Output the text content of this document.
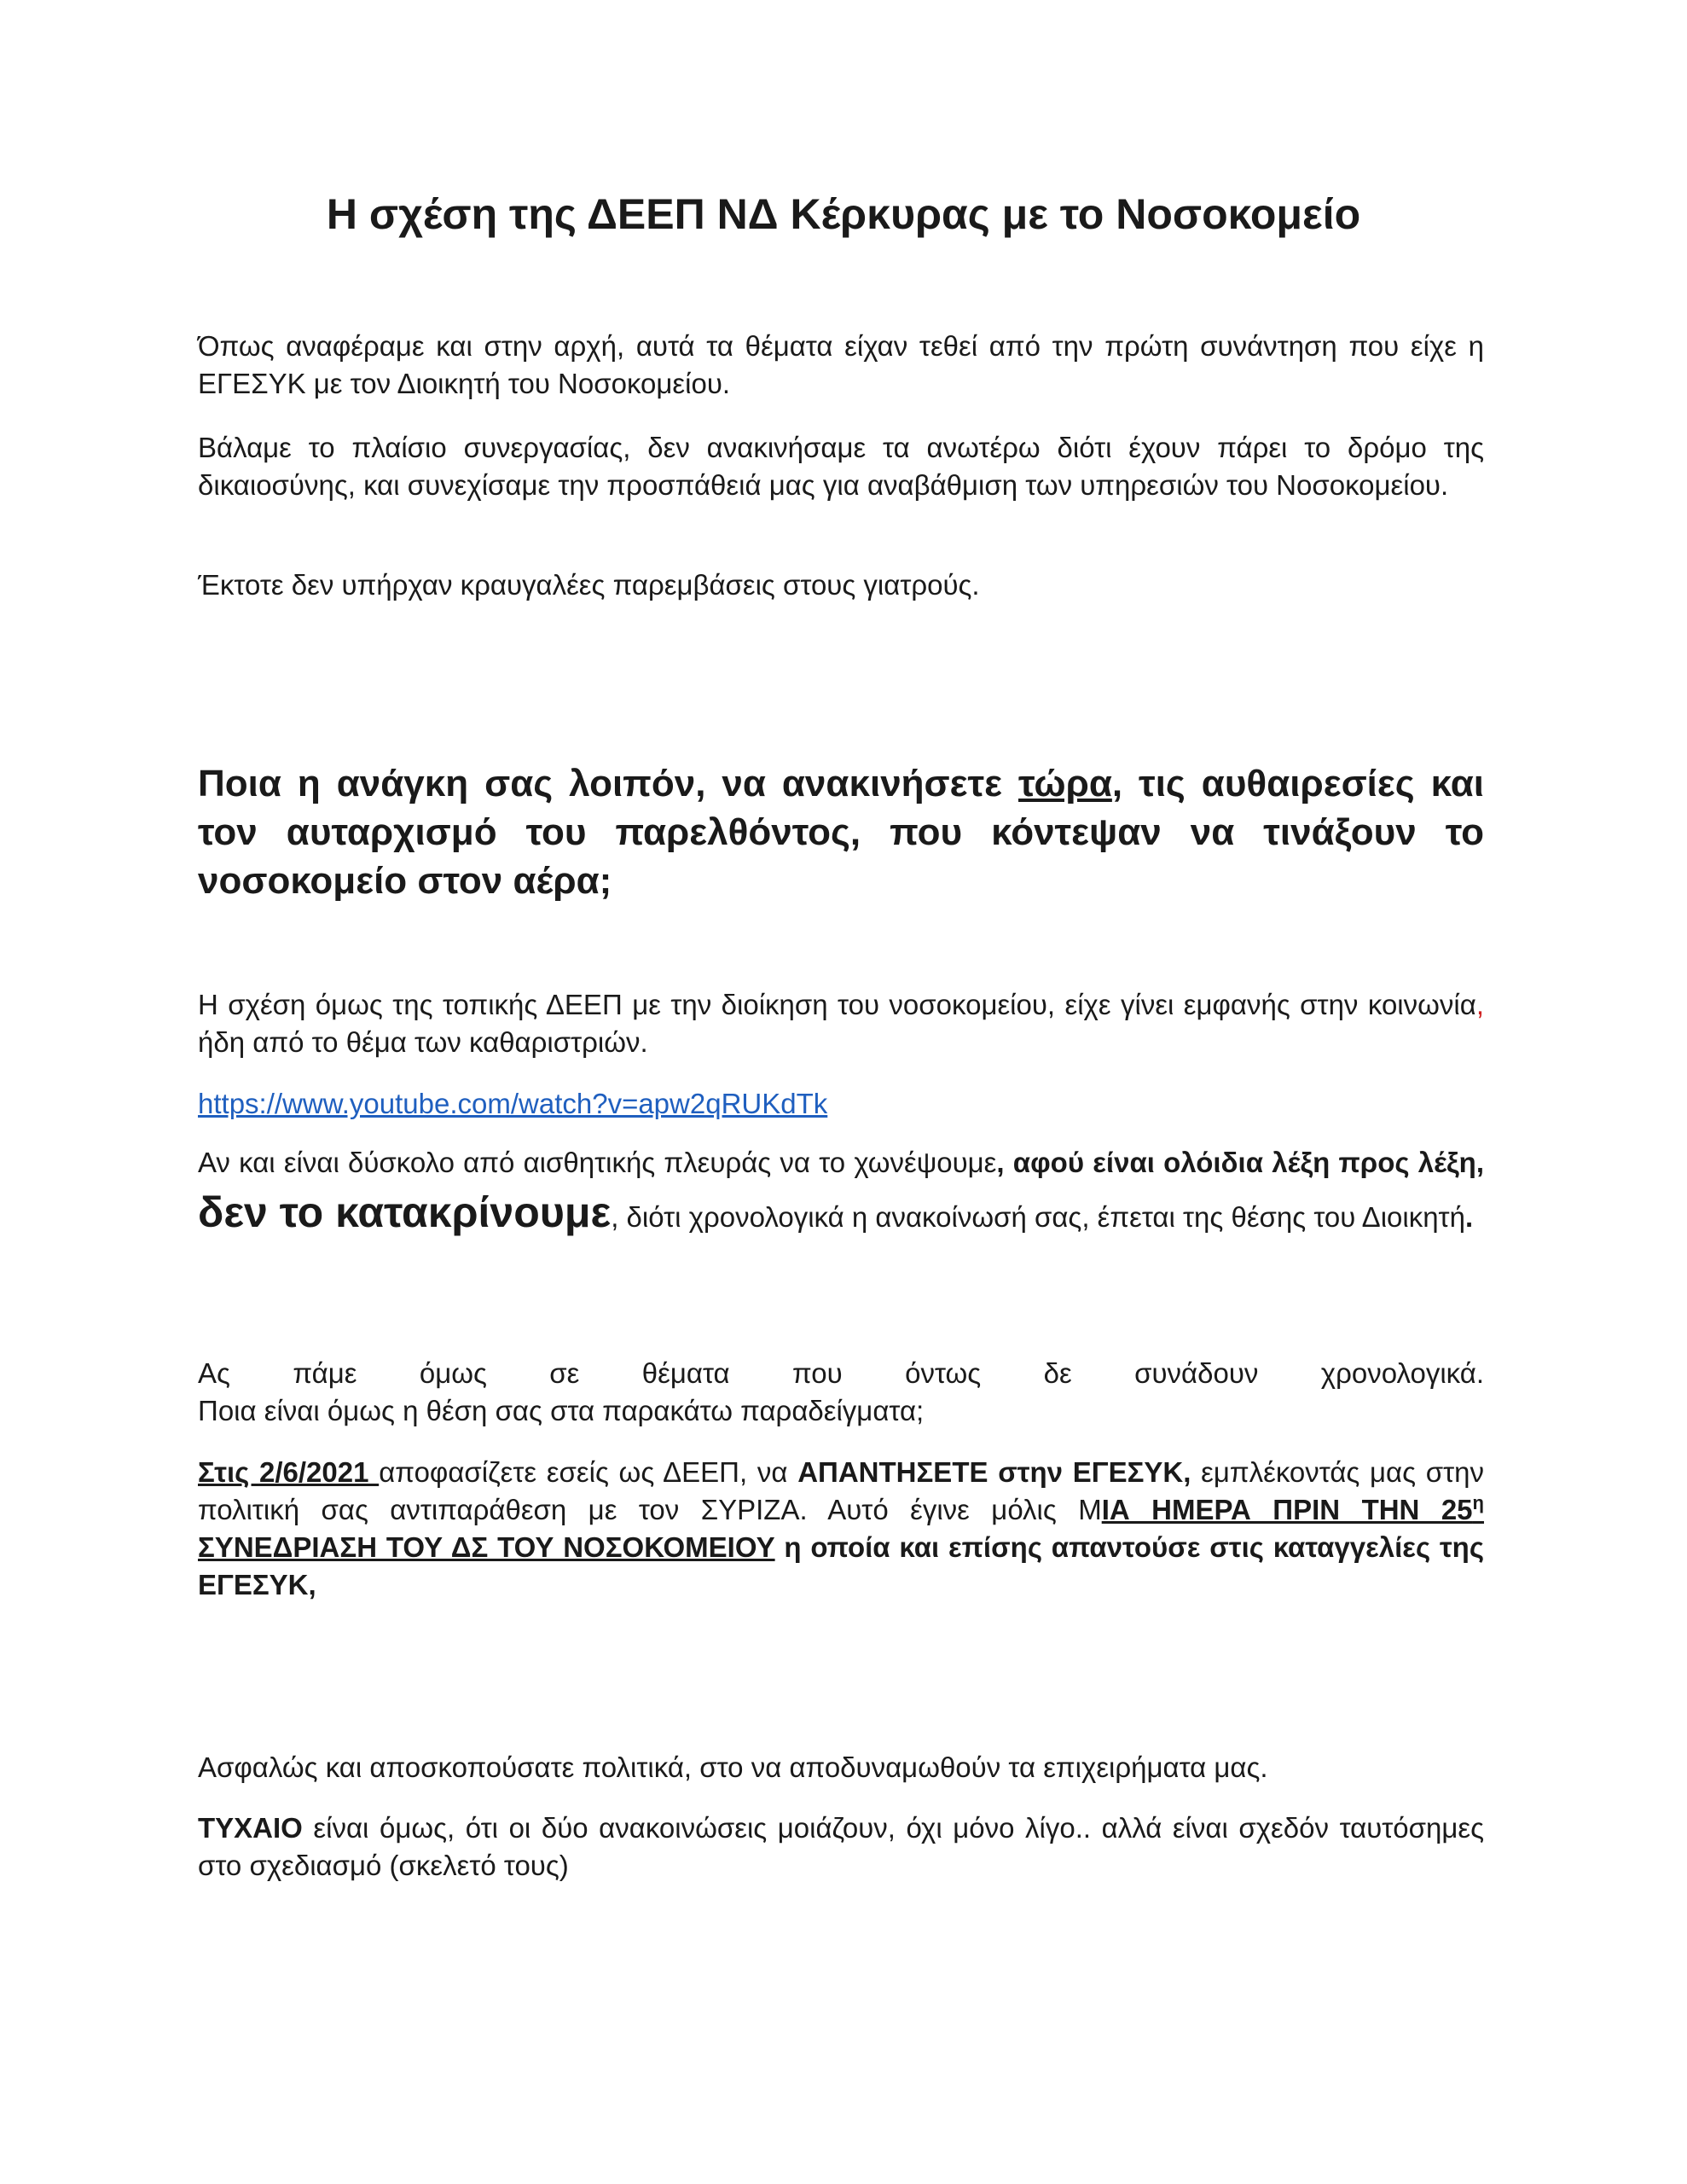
Η σχέση της ΔΕΕΠ ΝΔ Κέρκυρας με το Νοσοκομείο

Όπως αναφέραμε και στην αρχή, αυτά τα θέματα είχαν τεθεί από την πρώτη συνάντηση που είχε η ΕΓΕΣΥΚ με τον Διοικητή του Νοσοκομείου.

Βάλαμε το πλαίσιο συνεργασίας, δεν ανακινήσαμε τα ανωτέρω διότι έχουν πάρει το δρόμο της δικαιοσύνης, και συνεχίσαμε την προσπάθειά μας για αναβάθμιση των υπηρεσιών του Νοσοκομείου.

Έκτοτε δεν υπήρχαν κραυγαλέες παρεμβάσεις στους γιατρούς.

Ποια η ανάγκη σας λοιπόν, να ανακινήσετε τώρα, τις αυθαιρεσίες και τον αυταρχισμό του παρελθόντος, που κόντεψαν να τινάξουν το νοσοκομείο στον αέρα;

Η σχέση όμως της τοπικής ΔΕΕΠ με την διοίκηση του νοσοκομείου, είχε γίνει εμφανής στην κοινωνία, ήδη από το θέμα των καθαριστριών.

https://www.youtube.com/watch?v=apw2qRUKdTk

Αν και είναι δύσκολο από αισθητικής πλευράς να το χωνέψουμε, αφού είναι ολόιδια λέξη προς λέξη, δεν το κατακρίνουμε, διότι χρονολογικά η ανακοίνωσή σας, έπεται της θέσης του Διοικητή.

Ας πάμε όμως σε θέματα που όντως δε συνάδουν χρονολογικά.

Ποια είναι όμως η θέση σας στα παρακάτω παραδείγματα;

Στις 2/6/2021 αποφασίζετε εσείς ως ΔΕΕΠ, να ΑΠΑΝΤΗΣΕΤΕ στην ΕΓΕΣΥΚ, εμπλέκοντάς μας στην πολιτική σας αντιπαράθεση με τον ΣΥΡΙΖΑ. Αυτό έγινε μόλις ΜΙΑ ΗΜΕΡΑ ΠΡΙΝ ΤΗΝ $25^\eta$ ΣΥΝΕΔΡΙΑΣΗ ΤΟΥ ΔΣ ΤΟΥ ΝΟΣΟΚΟΜΕΙΟΥ η οποία και επίσης απαντούσε στις καταγγελίες της ΕΓΕΣΥΚ,

Ασφαλώς και αποσκοπούσατε πολιτικά, στο να αποδυναμωθούν τα επιχειρήματα μας.

ΤΥΧΑΙΟ είναι όμως, ότι οι δύο ανακοινώσεις μοιάζουν, όχι μόνο λίγο.. αλλά είναι σχεδόν ταυτόσημες στο σχεδιασμό (σκελετό τους)
